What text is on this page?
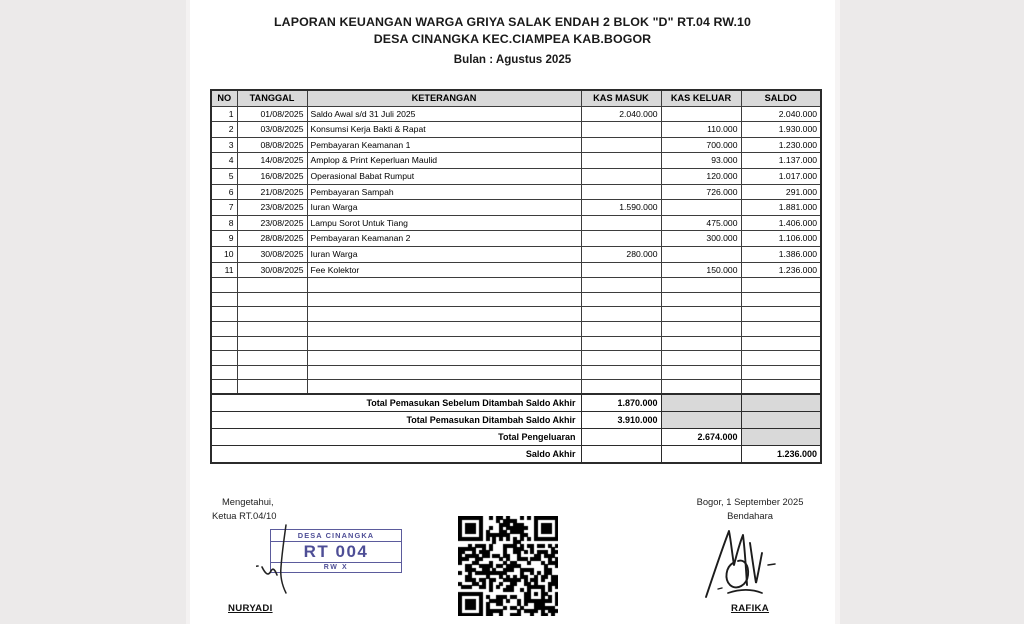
LAPORAN KEUANGAN WARGA GRIYA SALAK ENDAH 2 BLOK "D" RT.04 RW.10
DESA CINANGKA KEC.CIAMPEA KAB.BOGOR
Bulan : Agustus 2025
NO	TANGGAL	KETERANGAN	KAS MASUK	KAS KELUAR	SALDO
1	01/08/2025	Saldo Awal s/d 31 Juli 2025	2.040.000		2.040.000
2	03/08/2025	Konsumsi Kerja Bakti & Rapat		110.000	1.930.000
3	08/08/2025	Pembayaran Keamanan 1		700.000	1.230.000
4	14/08/2025	Amplop & Print Keperluan Maulid		93.000	1.137.000
5	16/08/2025	Operasional Babat Rumput		120.000	1.017.000
6	21/08/2025	Pembayaran Sampah		726.000	291.000
7	23/08/2025	Iuran Warga	1.590.000		1.881.000
8	23/08/2025	Lampu Sorot Untuk Tiang		475.000	1.406.000
9	28/08/2025	Pembayaran Keamanan 2		300.000	1.106.000
10	30/08/2025	Iuran Warga	280.000		1.386.000
11	30/08/2025	Fee Kolektor		150.000	1.236.000

Total Pemasukan Sebelum Ditambah Saldo Akhir			1.870.000		
Total Pemasukan Ditambah Saldo Akhir			3.910.000		
Total Pengeluaran				2.674.000	
Saldo Akhir					1.236.000
Mengetahui,
Ketua RT.04/10
DESA CINANGKA
RT 004
RW X
NURYADI
Bogor, 1 September 2025
Bendahara
RAFIKA
